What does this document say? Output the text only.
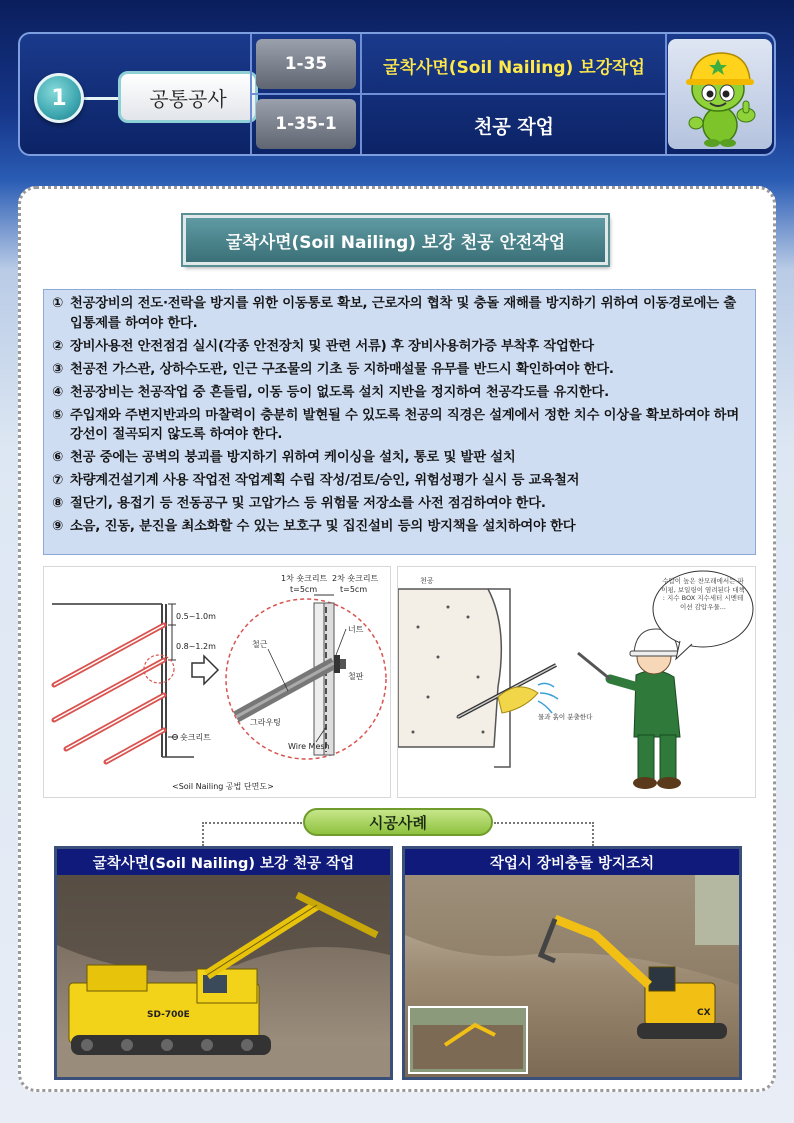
1	공통공사
1-35
1-35-1
굴착사면(Soil Nailing) 보강작업
천공 작업
굴착사면(Soil Nailing) 보강 천공 안전작업
① 천공장비의 전도·전락을 방지를 위한 이동통로 확보, 근로자의 협착 및 충돌 재해를 방지하기 위하여 이동경로에는 출입통제를 하여야 한다.
② 장비사용전 안전점검 실시(각종 안전장치 및 관련 서류) 후 장비사용허가증 부착후 작업한다
③ 천공전 가스관, 상하수도관, 인근 구조물의 기초 등 지하매설물 유무를 반드시 확인하여야 한다.
④ 천공장비는 천공작업 중 흔들림, 이동 등이 없도록 설치 지반을 정지하여 천공각도를 유지한다.
⑤ 주입재와 주변지반과의 마찰력이 충분히 발현될 수 있도록 천공의 직경은 설계에서 정한 치수 이상을 확보하여야 하며 강선이 절곡되지 않도록 하여야 한다.
⑥ 천공 중에는 공벽의 붕괴를 방지하기 위하여 케이싱을 설치, 통로 및 발판 설치
⑦ 차량계건설기계 사용 작업전 작업계획 수립 작성/검토/승인, 위험성평가 실시 등 교육철저
⑧ 절단기, 용접기 등 전동공구 및 고압가스 등 위험물 저장소를 사전 점검하여야 한다.
⑨ 소음, 진동, 분진을 최소화할 수 있는 보호구 및 집진설비 등의 방지책을 설치하여야 한다
0.5~1.0m
0.8~1.2m
1차 숏크리트
t=5cm
2차 숏크리트
t=5cm
너트
철근
철판
그라우팅
Wire Mesh
숏크리트
<Soil Nailing 공법 단면도>
천공
물과 흙이 분출한다
수압이 높은 찬모래에서는 파이핑, 보일링이 염려된다 대책 : 지수 BOX 지수세터 시멘테이션 감압우물...
시공사례
굴착사면(Soil Nailing) 보강 천공 작업
SD-700E
작업시 장비충돌 방지조치
CX
